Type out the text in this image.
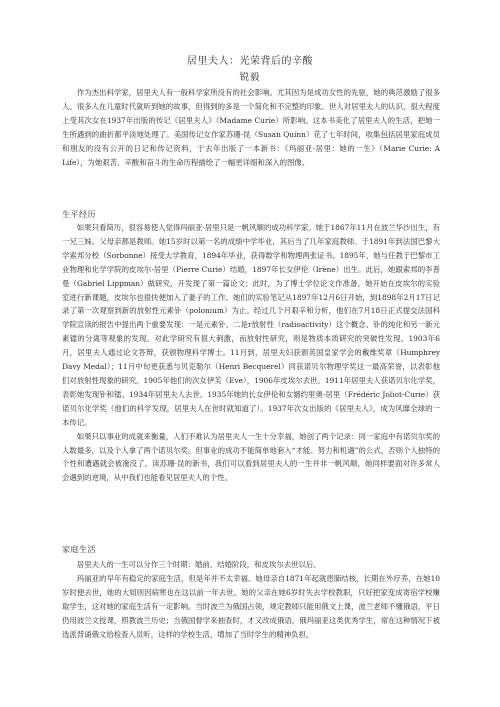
居里夫人：光荣背后的辛酸
锐毅

作为杰出科学家，居里夫人有一般科学家所没有的社会影响。尤其因为是成功女性的先驱，她的典范激励了很多人。很多人在儿童时代就听到她的故事，但得到的多是一个简化和不完整的印象。世人对居里夫人的认识，很大程度上受其次女在1937年出版的传记《居里夫人》（Madame Curie）所影响。这本书美化了居里夫人的生活，把她一生所遇到的曲折都平淡地处理了。美国传记女作家苏珊·昆（Susan Quinn）花了七年时间，收集包括居里家庭成员和朋友的没有公开的日记和传记资料，于去年出版了一本新书：《玛丽亚·居里：她的一生》（Marie Curie: A Life），为她艰苦、辛酸和奋斗的生命历程描绘了一幅更详细和深入的图像。

生平经历

如果只看简历，很容易使人觉得玛丽亚·居里只是一帆风顺的成功科学家。她于1867年11月在波兰华沙出生，有一兄三姊。父母亲都是教师。她15岁时以第一名的成绩中学毕业，其后当了几年家庭教师。于1891年到法国巴黎大学索邦分校（Sorbonne）接受大学教育，1894年毕业，获得数学和物理两张证书。1895年，她与任教于巴黎市工业物理和化学学院的皮埃尔·居里（Pierre Curie）结婚，1897年长女伊伦（Irène）出生。此后，她跟索邦的李普曼（Gabriel Lippman）做研究，开发现了第一篇论文；此时，为了博士学位论文作准备，她开始在皮埃尔的实验室进行新课题，皮埃尔也很快便加入了妻子的工作。她们的实验笔记从1897年12月6日开始，到1898年2月17日记录了第一次观察到新的放射性元素钋（polonium）为止。经过几个月艰辛和分析，他们在7月18日正式提交法国科学院宣读的报告中提出两个重要发现：一是元素钋、二是r放射性（radioactivity）这个概念、钋的纯化和另一新元素镭的分离等观象的发现。对此学研究有很大刺激，而放射性研究，则是物质本质研究的突破性发现。1903年6月，居里夫人通过论文答辩，获颁物理科学博士。11月到，居里夫妇获颁英国皇家学会的戴维奖章（Humphrey Davy Medal）；11月中旬更获悉与贝克勒尔（Henri Becquerel）同获诺贝尔物理学奖这一最高荣誉，以表彰他们对放射性现象的研究。1905年他们的次女伊芙（Eve），1906年皮埃尔去世。1911年居里夫人获诺贝尔化学奖，表彰她发现钋和镭。1934年居里夫人去世。1935年她的长女伊伦和女婿约里奥-居里（Frédéric Joliot-Curie）获诺贝尔化学奖（他们的科学发现，居里夫人在世时就知道了）。1937年次女出版的《居里夫人》，成为风靡全球的一本传记。

如果只以事业的成就来衡量，人们不难认为居里夫人一生十分幸福，她创了两个记录：同一家庭中有诺贝尔奖的人数最多，以及个人拿了两个诺贝尔奖。但事业的成功不能简单地套入“才能、努力和机遇”的公式，否则个人独特的个性和遭遇就会被淹没了。读苏珊·昆的新书，我们可以看到居里夫人的一生并非一帆风顺，她同样要面对许多常人会遇到的逆境，从中我们也能看见居里夫人的个性。

家庭生活

居里夫人的一生可以分作三个时期：婚前、结婚阶段，和皮埃尔去世以后。

玛丽亚的早年有稳定的家庭生活，但是年并不太幸福。她母亲自1871年起就患肺结核，长期在外疗养，在她10岁时便去世，她的大姐则因病寒也在这以前一年去世。她的父亲在她6岁时失去学校教职，只好把家变成寄宿学校赚取学生，这对她的家庭生活有一定影响。当时波兰为俄国占领，规定教师只能用俄文上课，波兰老师不懂俄语，平日仍用波兰文授课，照教波兰历史；当俄国督学来抽查时，才又改成俄语。俄玛丽亚这类优秀学生，常在这种情况下被选派背诵俄文给检查人员听，这样的学校生活，增加了当时学生的精神负担。
